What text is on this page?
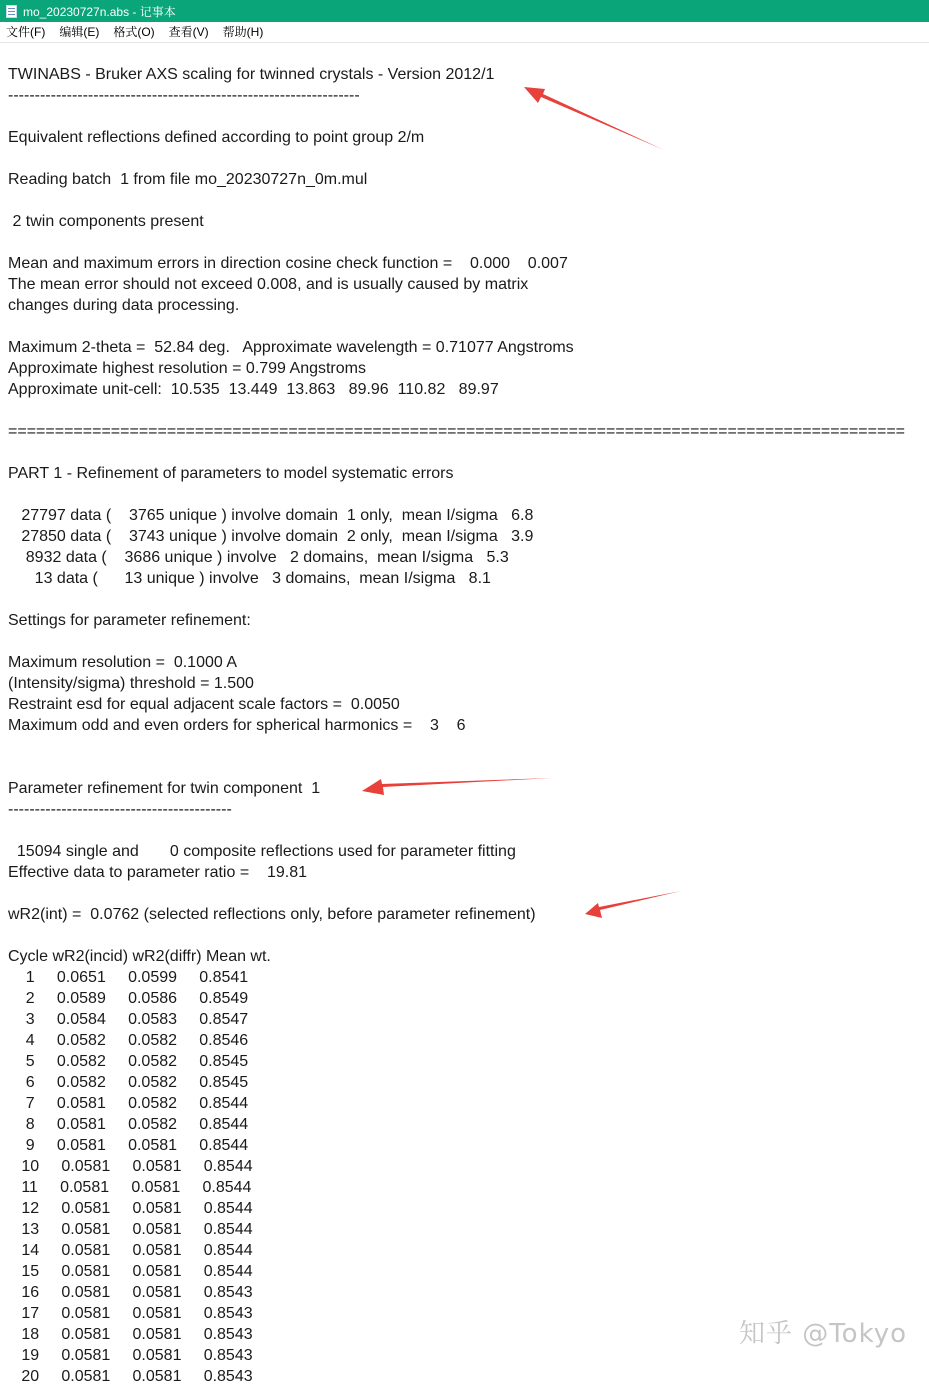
mo_20230727n.abs - 记事本
文件(F)	编辑(E)	格式(O)	查看(V)	帮助(H)
TWINABS - Bruker AXS scaling for twinned crystals - Version 2012/1
------------------------------------------------------------------
Equivalent reflections defined according to point group 2/m
Reading batch  1 from file mo_20230727n_0m.mul
2 twin components present
Mean and maximum errors in direction cosine check function =    0.000    0.007
The mean error should not exceed 0.008, and is usually caused by matrix
changes during data processing.
Maximum 2-theta =  52.84 deg.   Approximate wavelength = 0.71077 Angstroms
Approximate highest resolution = 0.799 Angstroms
Approximate unit-cell:  10.535  13.449  13.863   89.96  110.82   89.97
================================================================================================
PART 1 - Refinement of parameters to model systematic errors
27797 data (    3765 unique ) involve domain  1 only,  mean I/sigma   6.8
27850 data (    3743 unique ) involve domain  2 only,  mean I/sigma   3.9
8932 data (    3686 unique ) involve   2 domains,  mean I/sigma   5.3
13 data (      13 unique ) involve   3 domains,  mean I/sigma   8.1
Settings for parameter refinement:
Maximum resolution =  0.1000 A
(Intensity/sigma) threshold = 1.500
Restraint esd for equal adjacent scale factors =  0.0050
Maximum odd and even orders for spherical harmonics =    3    6
Parameter refinement for twin component  1
------------------------------------------
15094 single and       0 composite reflections used for parameter fitting
Effective data to parameter ratio =    19.81
wR2(int) =  0.0762 (selected reflections only, before parameter refinement)
Cycle wR2(incid) wR2(diffr) Mean wt.
1     0.0651     0.0599     0.8541
2     0.0589     0.0586     0.8549
3     0.0584     0.0583     0.8547
4     0.0582     0.0582     0.8546
5     0.0582     0.0582     0.8545
6     0.0582     0.0582     0.8545
7     0.0581     0.0582     0.8544
8     0.0581     0.0582     0.8544
9     0.0581     0.0581     0.8544
10     0.0581     0.0581     0.8544
11     0.0581     0.0581     0.8544
12     0.0581     0.0581     0.8544
13     0.0581     0.0581     0.8544
14     0.0581     0.0581     0.8544
15     0.0581     0.0581     0.8544
16     0.0581     0.0581     0.8543
17     0.0581     0.0581     0.8543
18     0.0581     0.0581     0.8543
19     0.0581     0.0581     0.8543
20     0.0581     0.0581     0.8543
知乎 @Tokyo
